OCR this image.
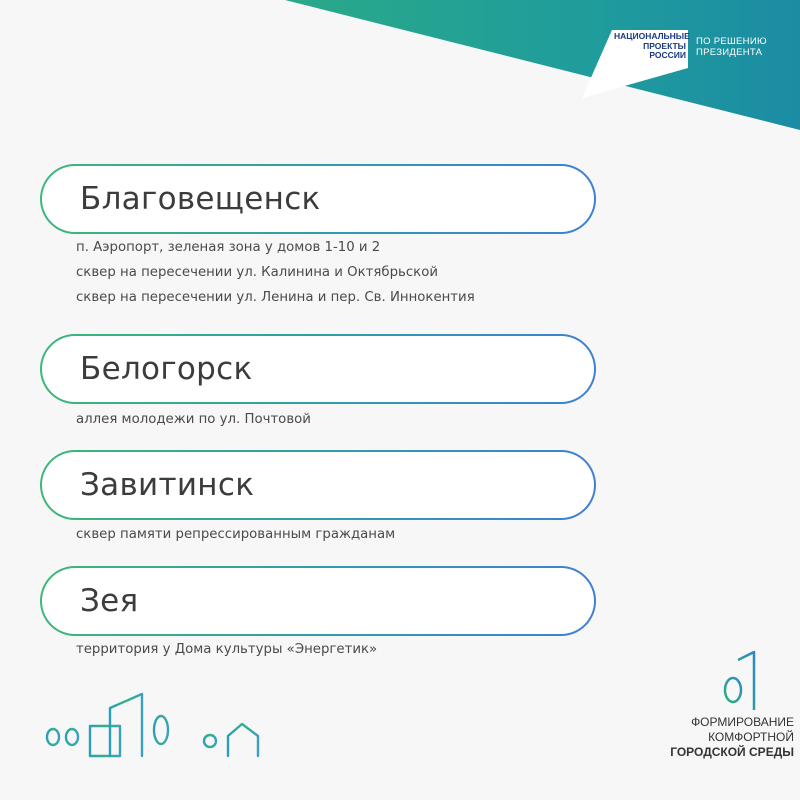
НАЦИОНАЛЬНЫЕ
ПРОЕКТЫ
РОССИИ
ПО РЕШЕНИЮ
ПРЕЗИДЕНТА
Благовещенск

п. Аэропорт, зеленая зона у домов 1-10 и 2

сквер на пересечении ул. Калинина и Октябрьской

сквер на пересечении ул. Ленина и пер. Св. Иннокентия

Белогорск

аллея молодежи по ул. Почтовой

Завитинск

сквер памяти репрессированным гражданам

Зея

территория у Дома культуры «Энергетик»

ФОРМИРОВАНИЕ
КОМФОРТНОЙ
ГОРОДСКОЙ СРЕДЫ
